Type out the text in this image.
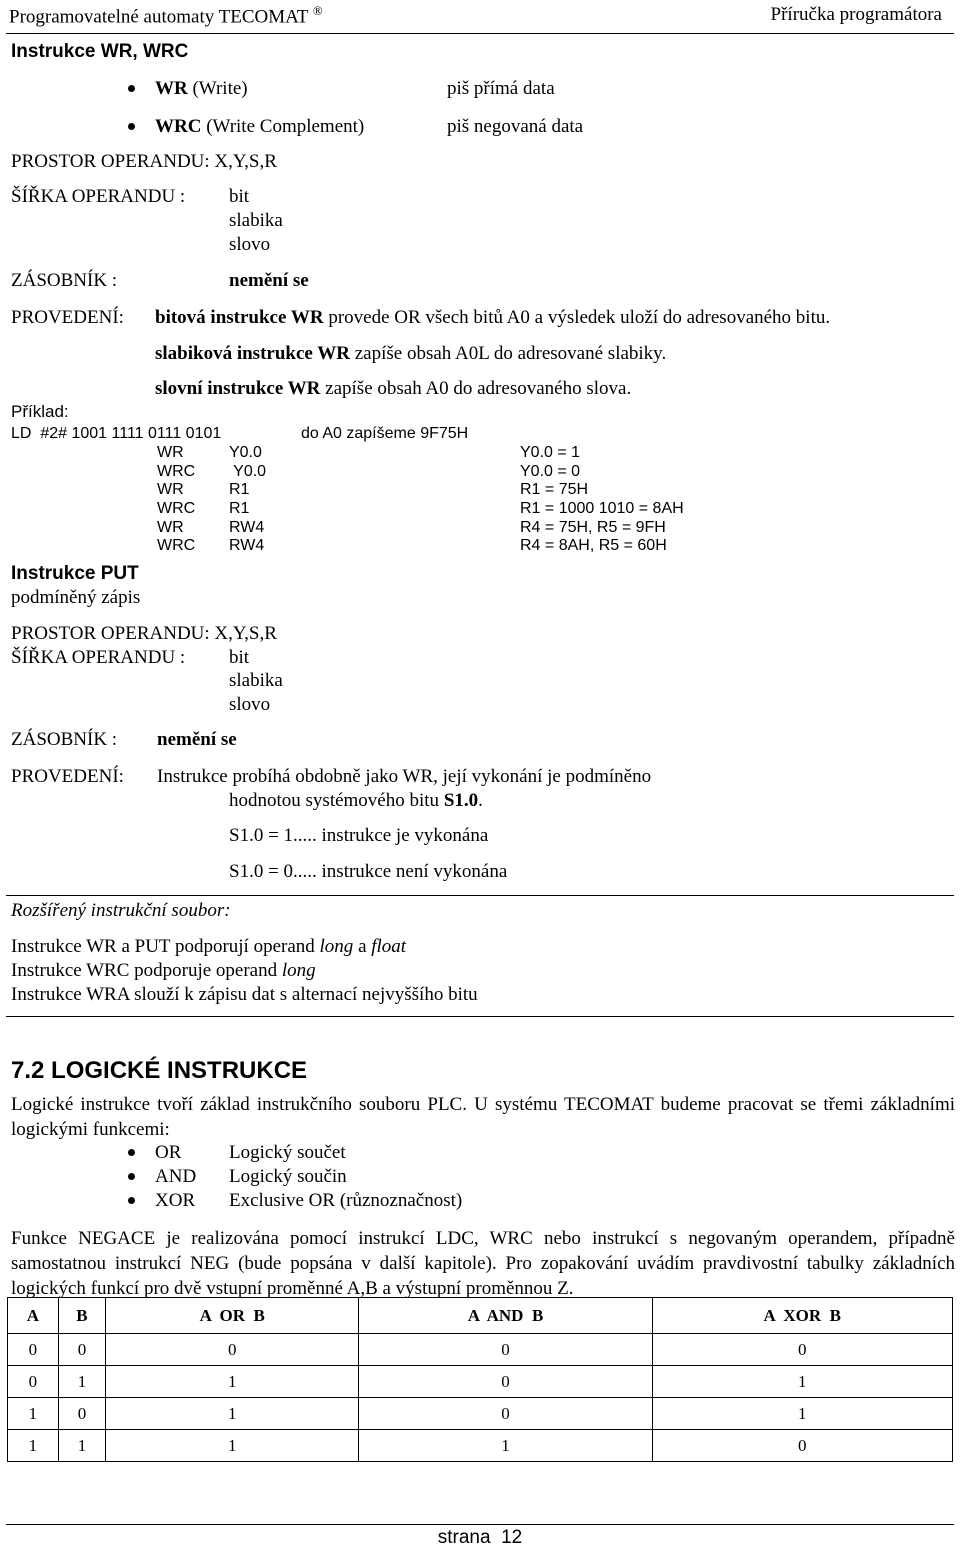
Programovatelné automaty TECOMAT ®	Příručka programátora
Instrukce WR, WRC
WR (Write)	piš přímá data
WRC (Write Complement)	piš negovaná data
PROSTOR OPERANDU: X,Y,S,R
ŠÍŘKA OPERANDU : bit
slabika
slovo
ZÁSOBNÍK :	nemění se
PROVEDENÍ: bitová instrukce WR provede OR všech bitů A0 a výsledek uloží do adresovaného bitu.
slabiková instrukce WR zapíše obsah A0L do adresované slabiky.
slovní instrukce WR zapíše obsah A0 do adresovaného slova.
Příklad:
LD  #2# 1001 1111 0111 0101	do A0 zapíšeme 9F75H
WR	Y0.0	Y0.0 = 1
WRC Y0.0	Y0.0 = 0
WR	R1	R1 = 75H
WRC R1	R1 = 1000 1010 = 8AH
WR	RW4	R4 = 75H, R5 = 9FH
WRC RW4	R4 = 8AH, R5 = 60H
Instrukce PUT
podmíněný zápis
PROSTOR OPERANDU: X,Y,S,R
ŠÍŘKA OPERANDU : bit
slabika
slovo
ZÁSOBNÍK : nemění se
PROVEDENÍ: Instrukce probíhá obdobně jako WR, její vykonání je podmíněno
hodnotou systémového bitu S1.0.
S1.0 = 1..... instrukce je vykonána
S1.0 = 0..... instrukce není vykonána
Rozšířený instrukční soubor:
Instrukce WR a PUT podporují operand long a float
Instrukce WRC podporuje operand long
Instrukce WRA slouží k zápisu dat s alternací nejvyššího bitu
7.2 LOGICKÉ INSTRUKCE
Logické instrukce tvoří základ instrukčního souboru PLC. U systému TECOMAT budeme pracovat se třemi základními logickými funkcemi:
OR	Logický součet
AND Logický součin
XOR Exclusive OR (různoznačnost)
Funkce NEGACE je realizována pomocí instrukcí LDC, WRC nebo instrukcí s negovaným operandem, případně samostatnou instrukcí NEG (bude popsána v další kapitole). Pro zopakování uvádím pravdivostní tabulky základních logických funkcí pro dvě vstupní proměnné A,B a výstupní proměnnou Z.
A	B	A  OR  B	A  AND  B	A  XOR  B
0	0	0	0	0
0	1	1	0	1
1	0	1	0	1
1	1	1	1	0
strana  12
